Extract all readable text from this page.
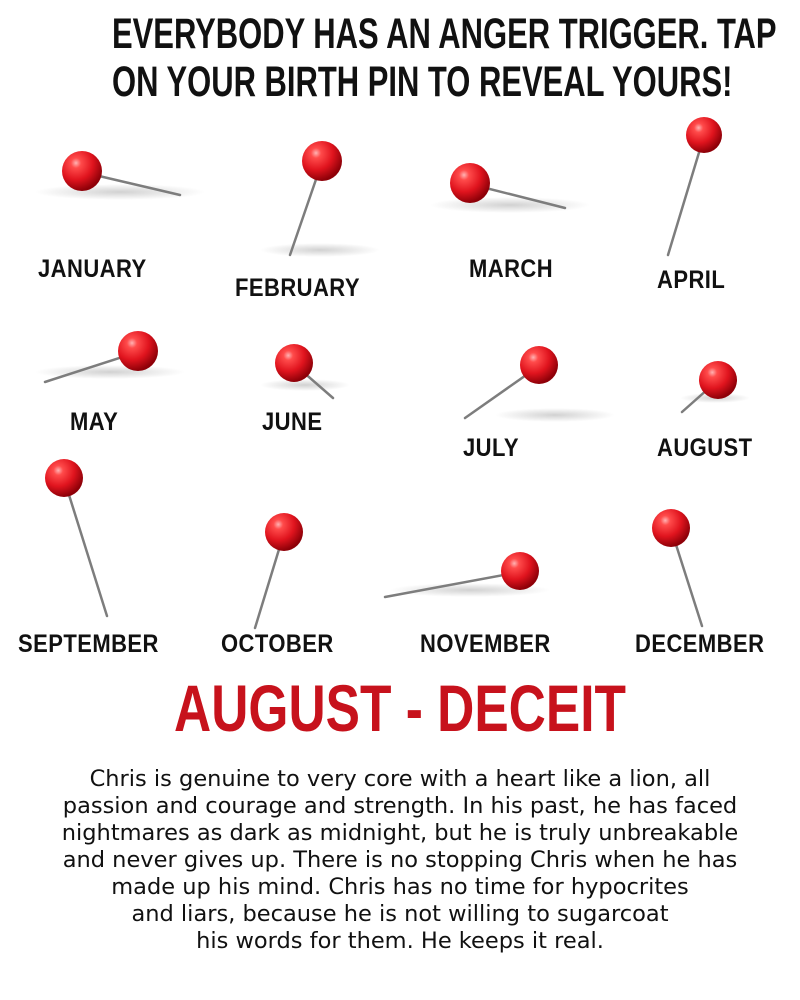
EVERYBODY HAS AN ANGER TRIGGER. TAP
ON YOUR BIRTH PIN TO REVEAL YOURS!
JANUARY
FEBRUARY
MARCH	APRIL
MAY	JUNE
JULY	AUGUST
SEPTEMBER OCTOBER	NOVEMBER	DECEMBER
AUGUST - DECEIT
Chris is genuine to very core with a heart like a lion, all
passion and courage and strength. In his past, he has faced
nightmares as dark as midnight, but he is truly unbreakable
and never gives up. There is no stopping Chris when he has
made up his mind. Chris has no time for hypocrites
and liars, because he is not willing to sugarcoat
his words for them. He keeps it real.
